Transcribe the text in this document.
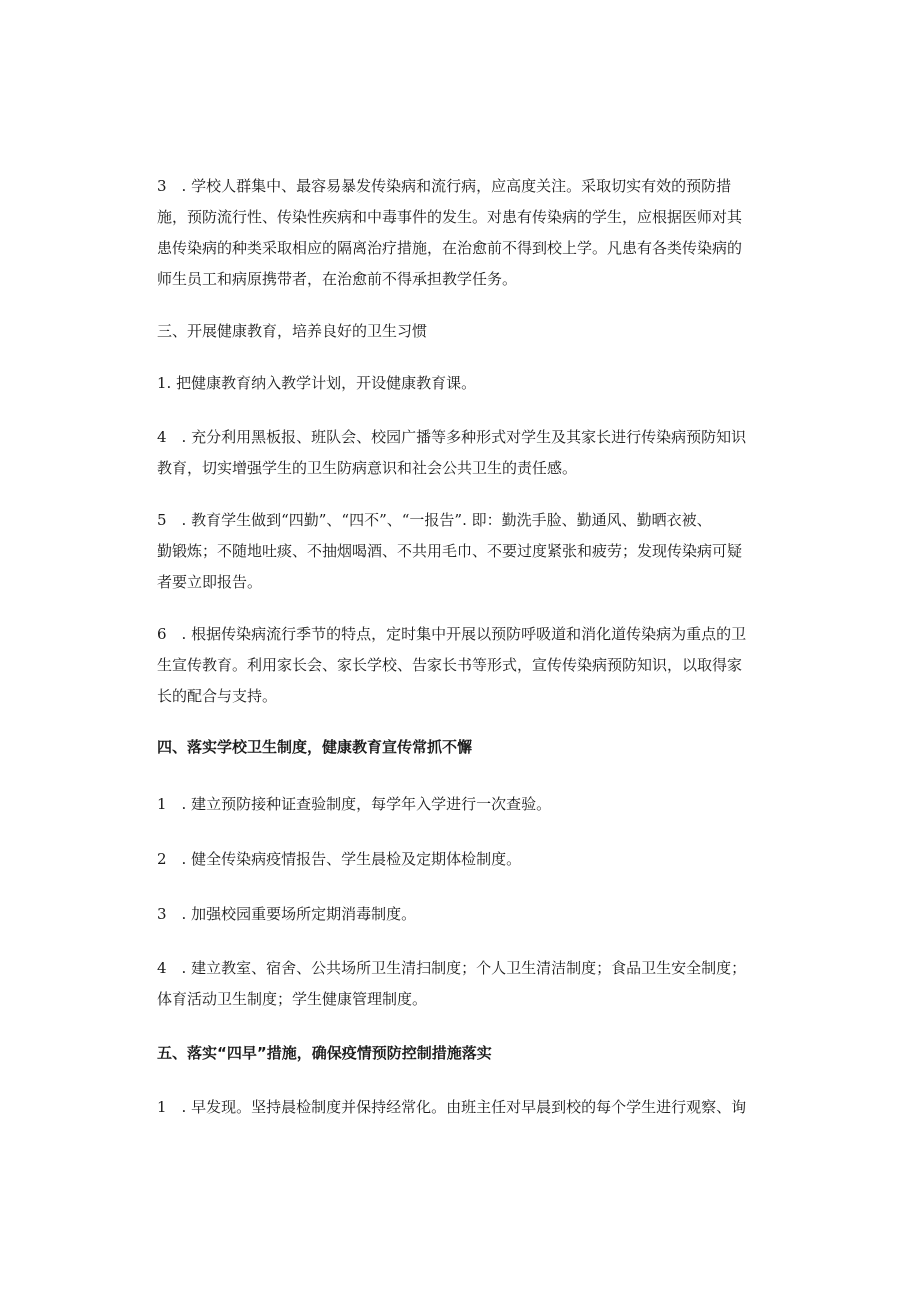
3　. 学校人群集中、最容易暴发传染病和流行病，应高度关注。采取切实有效的预防措
施，预防流行性、传染性疾病和中毒事件的发生。对患有传染病的学生，应根据医师对其
患传染病的种类采取相应的隔离治疗措施，在治愈前不得到校上学。凡患有各类传染病的
师生员工和病原携带者，在治愈前不得承担教学任务。
三、开展健康教育，培养良好的卫生习惯
1. 把健康教育纳入教学计划，开设健康教育课。
4　. 充分利用黑板报、班队会、校园广播等多种形式对学生及其家长进行传染病预防知识
教育，切实增强学生的卫生防病意识和社会公共卫生的责任感。
5　. 教育学生做到“四勤”、“四不”、“一报告”. 即：勤洗手脸、勤通风、勤晒衣被、
勤锻炼；不随地吐痰、不抽烟喝酒、不共用毛巾、不要过度紧张和疲劳；发现传染病可疑
者要立即报告。
6　. 根据传染病流行季节的特点，定时集中开展以预防呼吸道和消化道传染病为重点的卫
生宣传教育。利用家长会、家长学校、告家长书等形式，宣传传染病预防知识，以取得家
长的配合与支持。
四、落实学校卫生制度，健康教育宣传常抓不懈
1　. 建立预防接种证查验制度，每学年入学进行一次查验。
2　. 健全传染病疫情报告、学生晨检及定期体检制度。
3　. 加强校园重要场所定期消毒制度。
4　. 建立教室、宿舍、公共场所卫生清扫制度；个人卫生清洁制度；食品卫生安全制度；
体育活动卫生制度；学生健康管理制度。
五、落实“四早”措施，确保疫情预防控制措施落实
1　. 早发现。坚持晨检制度并保持经常化。由班主任对早晨到校的每个学生进行观察、询
